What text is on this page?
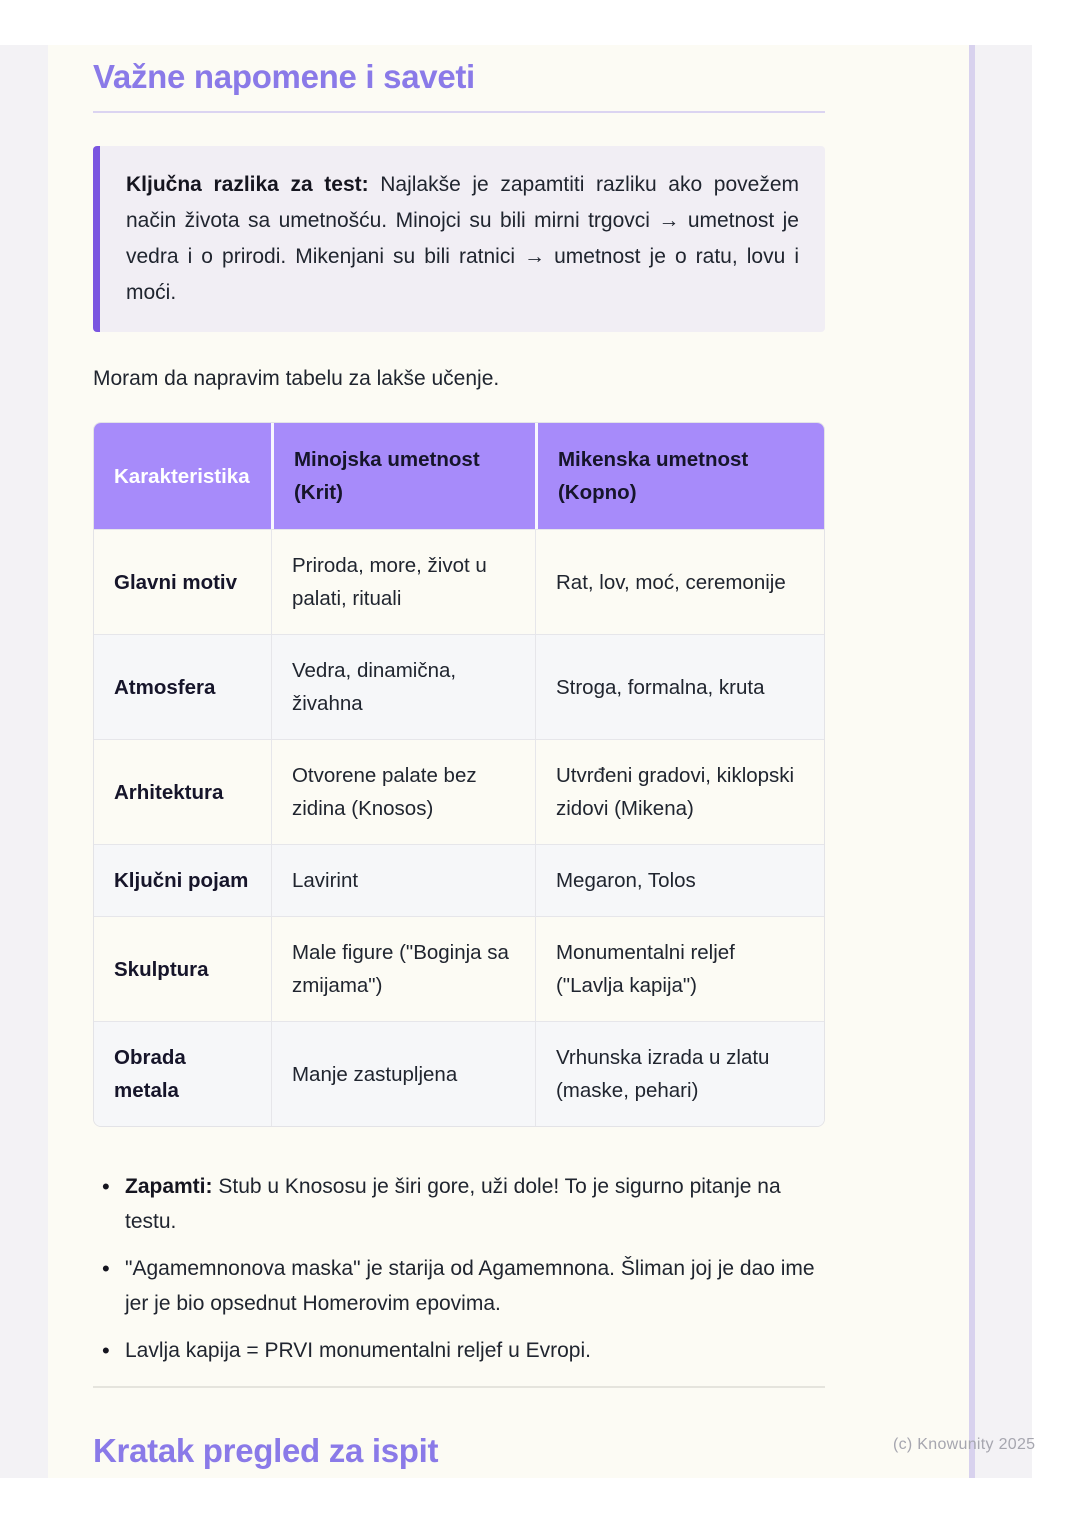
Važne napomene i saveti

Ključna razlika za test: Najlakše je zapamtiti razliku ako povežem način života sa umetnošću. Minojci su bili mirni trgovci → umetnost je vedra i o prirodi. Mikenjani su bili ratnici → umetnost je o ratu, lovu i moći.

Moram da napravim tabelu za lakše učenje.

Karakteristika	Minojska umetnost (Krit)	Mikenska umetnost (Kopno)
Glavni motiv	Priroda, more, život u palati, rituali	Rat, lov, moć, ceremonije
Atmosfera	Vedra, dinamična, živahna	Stroga, formalna, kruta
Arhitektura	Otvorene palate bez zidina (Knosos)	Utvrđeni gradovi, kiklopski zidovi (Mikena)
Ključni pojam	Lavirint	Megaron, Tolos
Skulptura	Male figure ("Boginja sa zmijama")	Monumentalni reljef ("Lavlja kapija")
Obrada metala	Manje zastupljena	Vrhunska izrada u zlatu (maske, pehari)
• Zapamti: Stub u Knososu je širi gore, uži dole! To je sigurno pitanje na testu.
• "Agamemnonova maska" je starija od Agamemnona. Šliman joj je dao ime jer je bio opsednut Homerovim epovima.
• Lavlja kapija = PRVI monumentalni reljef u Evropi.
Kratak pregled za ispit	(c) Knowunity 2025
